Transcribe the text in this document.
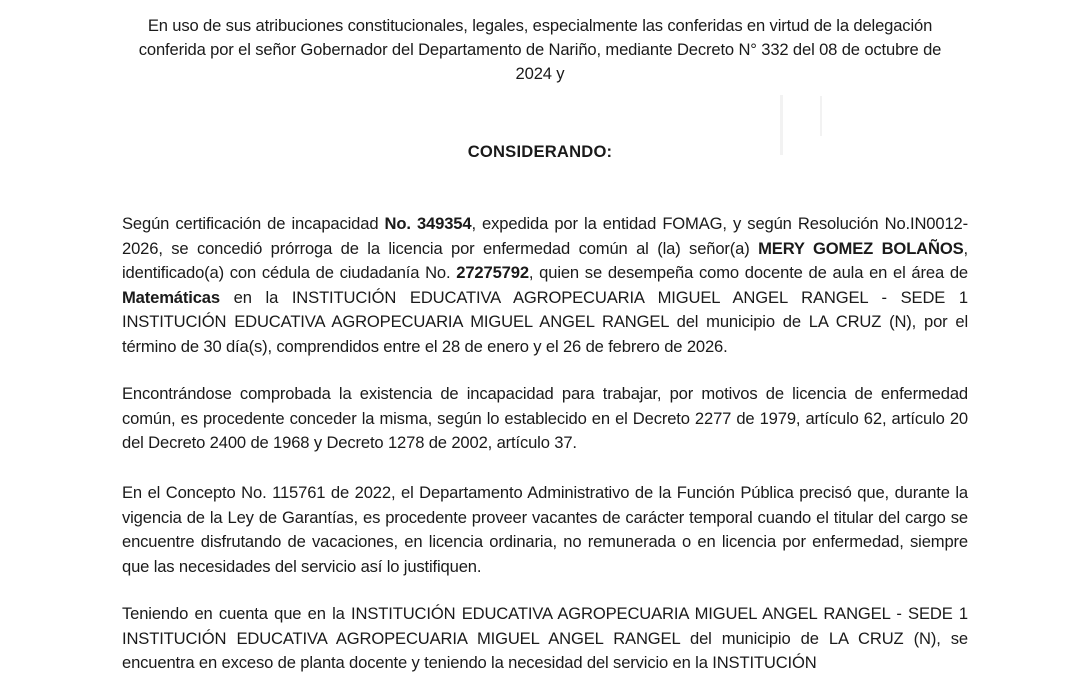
En uso de sus atribuciones constitucionales, legales, especialmente las conferidas en virtud de la delegación conferida por el señor Gobernador del Departamento de Nariño, mediante Decreto N° 332 del 08 de octubre de 2024 y
CONSIDERANDO:
Según certificación de incapacidad No. 349354, expedida por la entidad FOMAG, y según Resolución No.IN0012-2026, se concedió prórroga de la licencia por enfermedad común al (la) señor(a) MERY GOMEZ BOLAÑOS, identificado(a) con cédula de ciudadanía No. 27275792, quien se desempeña como docente de aula en el área de Matemáticas en la INSTITUCIÓN EDUCATIVA AGROPECUARIA MIGUEL ANGEL RANGEL - SEDE 1 INSTITUCIÓN EDUCATIVA AGROPECUARIA MIGUEL ANGEL RANGEL del municipio de LA CRUZ (N), por el término de 30 día(s), comprendidos entre el 28 de enero y el 26 de febrero de 2026.
Encontrándose comprobada la existencia de incapacidad para trabajar, por motivos de licencia de enfermedad común, es procedente conceder la misma, según lo establecido en el Decreto 2277 de 1979, artículo 62, artículo 20 del Decreto 2400 de 1968 y Decreto 1278 de 2002, artículo 37.
En el Concepto No. 115761 de 2022, el Departamento Administrativo de la Función Pública precisó que, durante la vigencia de la Ley de Garantías, es procedente proveer vacantes de carácter temporal cuando el titular del cargo se encuentre disfrutando de vacaciones, en licencia ordinaria, no remunerada o en licencia por enfermedad, siempre que las necesidades del servicio así lo justifiquen.
Teniendo en cuenta que en la INSTITUCIÓN EDUCATIVA AGROPECUARIA MIGUEL ANGEL RANGEL - SEDE 1 INSTITUCIÓN EDUCATIVA AGROPECUARIA MIGUEL ANGEL RANGEL del municipio de LA CRUZ (N), se encuentra en exceso de planta docente y teniendo la necesidad del servicio en la INSTITUCIÓN
